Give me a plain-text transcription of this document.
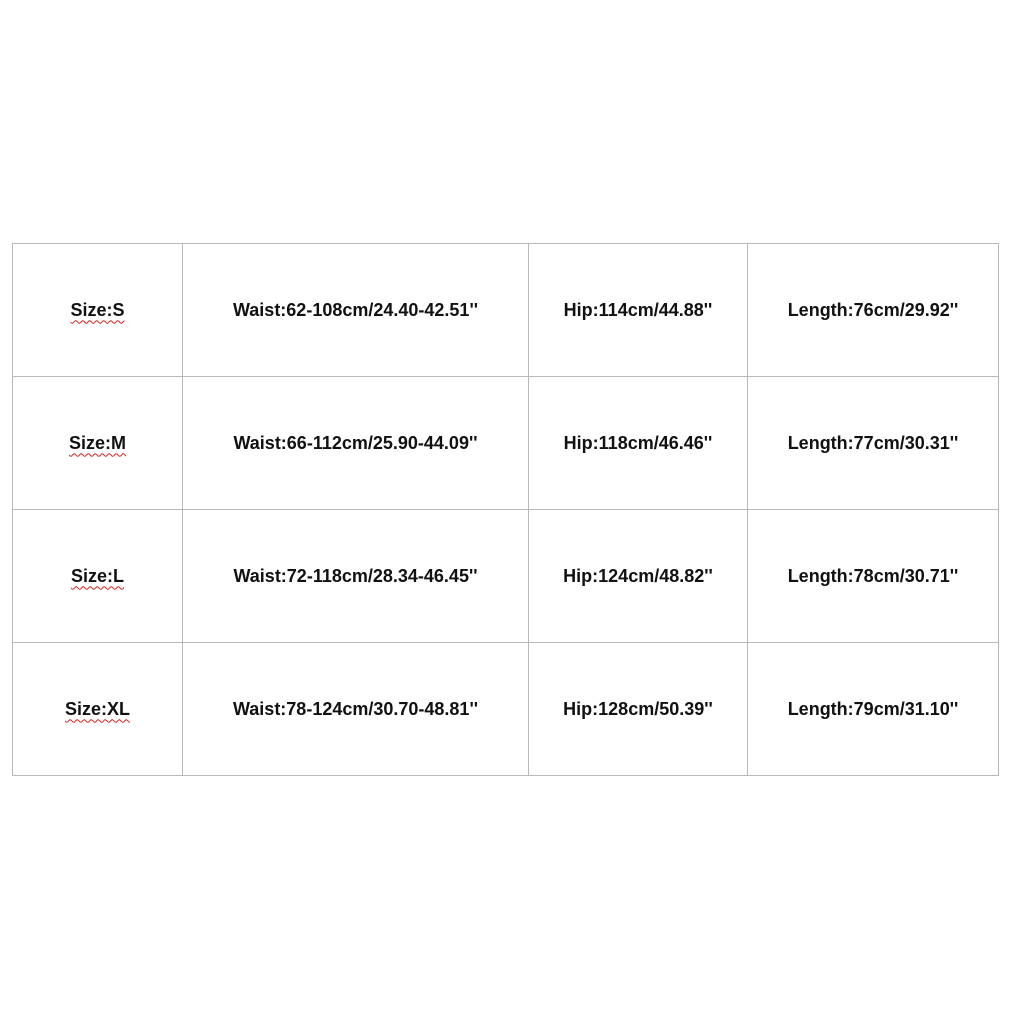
Size:S	Waist:62-108cm/24.40-42.51''	Hip:114cm/44.88''	Length:76cm/29.92''
Size:M	Waist:66-112cm/25.90-44.09''	Hip:118cm/46.46''	Length:77cm/30.31''
Size:L	Waist:72-118cm/28.34-46.45''	Hip:124cm/48.82''	Length:78cm/30.71''
Size:XL	Waist:78-124cm/30.70-48.81''	Hip:128cm/50.39''	Length:79cm/31.10''
